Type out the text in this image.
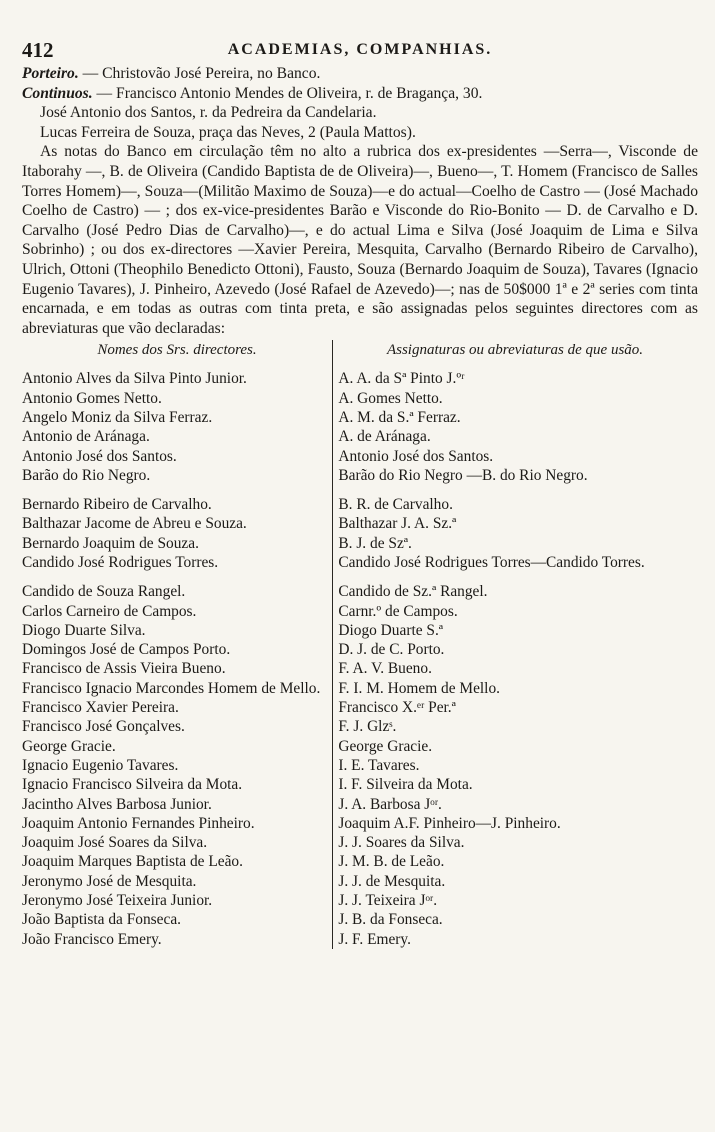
412	ACADEMIAS, COMPANHIAS.

Porteiro. — Christovão José Pereira, no Banco.

Continuos. — Francisco Antonio Mendes de Oliveira, r. de Bragança, 30.

José Antonio dos Santos, r. da Pedreira da Candelaria.

Lucas Ferreira de Souza, praça das Neves, 2 (Paula Mattos).

As notas do Banco em circulação têm no alto a rubrica dos ex-presidentes —Serra—, Visconde de Itaborahy —, B. de Oliveira (Candido Baptista de de Oliveira)—, Bueno—, T. Homem (Francisco de Salles Torres Homem)—, Souza—(Militão Maximo de Souza)—e do actual—Coelho de Castro — (José Machado Coelho de Castro) — ; dos ex-vice-presidentes Barão e Visconde do Rio-Bonito — D. de Carvalho e D. Carvalho (José Pedro Dias de Carvalho)—, e do actual Lima e Silva (José Joaquim de Lima e Silva Sobrinho) ; ou dos ex-directores —Xavier Pereira, Mesquita, Carvalho (Bernardo Ribeiro de Carvalho), Ulrich, Ottoni (Theophilo Benedicto Ottoni), Fausto, Souza (Bernardo Joaquim de Souza), Tavares (Ignacio Eugenio Tavares), J. Pinheiro, Azevedo (José Rafael de Azevedo)—; nas de 50$000 1ª e 2ª series com tinta encarnada, e em todas as outras com tinta preta, e são assignadas pelos seguintes directores com as abreviaturas que vão declaradas:

Nomes dos Srs. directores.	Assignaturas ou abreviaturas de que usão.
Antonio Alves da Silva Pinto Junior.	A. A. da Sª Pinto J.ºʳ
Antonio Gomes Netto.	A. Gomes Netto.
Angelo Moniz da Silva Ferraz.	A. M. da S.ª Ferraz.
Antonio de Aránaga.	A. de Aránaga.
Antonio José dos Santos.	Antonio José dos Santos.
Barão do Rio Negro.	Barão do Rio Negro —B. do Rio Negro.
Bernardo Ribeiro de Carvalho.	B. R. de Carvalho.
Balthazar Jacome de Abreu e Souza.	Balthazar J. A. Sz.ª
Bernardo Joaquim de Souza.	B. J. de Szª.
Candido José Rodrigues Torres.	Candido José Rodrigues Torres—Candido Torres.
Candido de Souza Rangel.	Candido de Sz.ª Rangel.
Carlos Carneiro de Campos.	Carnr.º de Campos.
Diogo Duarte Silva.	Diogo Duarte S.ª
Domingos José de Campos Porto.	D. J. de C. Porto.
Francisco de Assis Vieira Bueno.	F. A. V. Bueno.
Francisco Ignacio Marcondes Homem de Mello.	F. I. M. Homem de Mello.
Francisco Xavier Pereira.	Francisco X.ᵉʳ Per.ª
Francisco José Gonçalves.	F. J. Glzˢ.
George Gracie.	George Gracie.
Ignacio Eugenio Tavares.	I. E. Tavares.
Ignacio Francisco Silveira da Mota.	I. F. Silveira da Mota.
Jacintho Alves Barbosa Junior.	J. A. Barbosa Jᵒʳ.
Joaquim Antonio Fernandes Pinheiro.	Joaquim A.F. Pinheiro—J. Pinheiro.
Joaquim José Soares da Silva.	J. J. Soares da Silva.
Joaquim Marques Baptista de Leão.	J. M. B. de Leão.
Jeronymo José de Mesquita.	J. J. de Mesquita.
Jeronymo José Teixeira Junior.	J. J. Teixeira Jᵒʳ.
João Baptista da Fonseca.	J. B. da Fonseca.
João Francisco Emery.	J. F. Emery.
